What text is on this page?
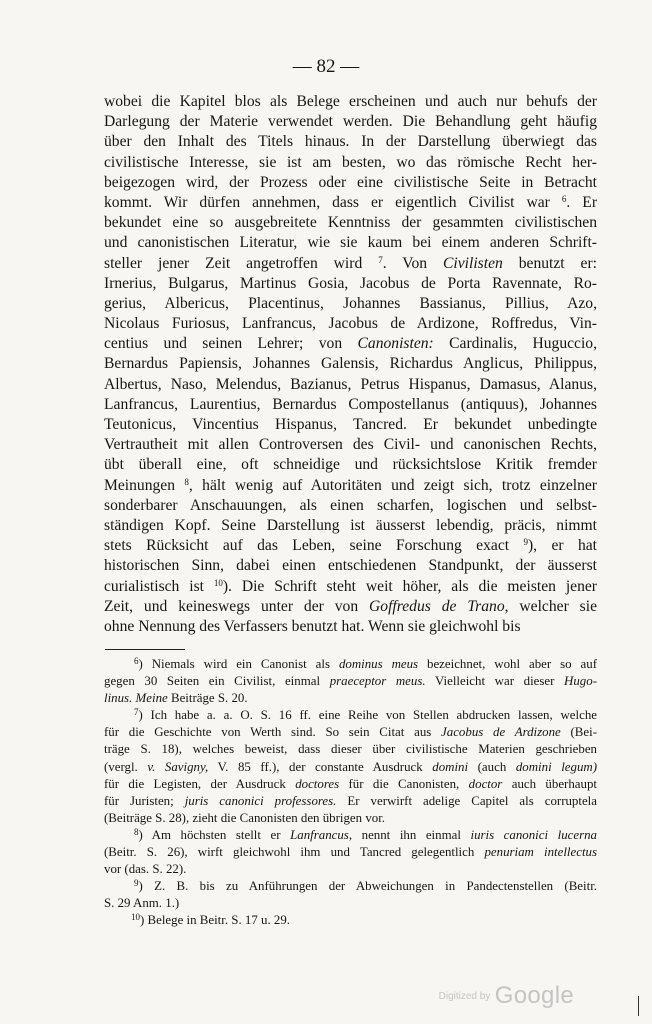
— 82 —
wobei die Kapitel blos als Belege erscheinen und auch nur behufs der
Darlegung der Materie verwendet werden. Die Behandlung geht häufig
über den Inhalt des Titels hinaus. In der Darstellung überwiegt das
civilistische Interesse, sie ist am besten, wo das römische Recht her-
beigezogen wird, der Prozess oder eine civilistische Seite in Betracht
kommt. Wir dürfen annehmen, dass er eigentlich Civilist war $^6$. Er
bekundet eine so ausgebreitete Kenntniss der gesammten civilistischen
und canonistischen Literatur, wie sie kaum bei einem anderen Schrift-
steller jener Zeit angetroffen wird $^7$. Von Civilisten benutzt er:
Irnerius, Bulgarus, Martinus Gosia, Jacobus de Porta Ravennate, Ro-
gerius, Albericus, Placentinus, Johannes Bassianus, Pillius, Azo,
Nicolaus Furiosus, Lanfrancus, Jacobus de Ardizone, Roffredus, Vin-
centius und seinen Lehrer; von Canonisten: Cardinalis, Huguccio,
Bernardus Papiensis, Johannes Galensis, Richardus Anglicus, Philippus,
Albertus, Naso, Melendus, Bazianus, Petrus Hispanus, Damasus, Alanus,
Lanfrancus, Laurentius, Bernardus Compostellanus (antiquus), Johannes
Teutonicus, Vincentius Hispanus, Tancred. Er bekundet unbedingte
Vertrautheit mit allen Controversen des Civil- und canonischen Rechts,
übt überall eine, oft schneidige und rücksichtslose Kritik fremder
Meinungen $^8$, hält wenig auf Autoritäten und zeigt sich, trotz einzelner
sonderbarer Anschauungen, als einen scharfen, logischen und selbst-
ständigen Kopf. Seine Darstellung ist äusserst lebendig, präcis, nimmt
stets Rücksicht auf das Leben, seine Forschung exact $^9$), er hat
historischen Sinn, dabei einen entschiedenen Standpunkt, der äusserst
curialistisch ist $^{10}$). Die Schrift steht weit höher, als die meisten jener
Zeit, und keineswegs unter der von Goffredus de Trano, welcher sie
ohne Nennung des Verfassers benutzt hat. Wenn sie gleichwohl bis
$^6$) Niemals wird ein Canonist als dominus meus bezeichnet, wohl aber so auf
gegen 30 Seiten ein Civilist, einmal praeceptor meus. Vielleicht war dieser Hugo-
linus. Meine Beiträge S. 20.
$^7$) Ich habe a. a. O. S. 16 ff. eine Reihe von Stellen abdrucken lassen, welche
für die Geschichte von Werth sind. So sein Citat aus Jacobus de Ardizone (Bei-
träge S. 18), welches beweist, dass dieser über civilistische Materien geschrieben
(vergl. v. Savigny, V. 85 ff.), der constante Ausdruck domini (auch domini legum)
für die Legisten, der Ausdruck doctores für die Canonisten, doctor auch überhaupt
für Juristen; juris canonici professores. Er verwirft adelige Capitel als corruptela
(Beiträge S. 28), zieht die Canonisten den übrigen vor.
$^8$) Am höchsten stellt er Lanfrancus, nennt ihn einmal iuris canonici lucerna
(Beitr. S. 26), wirft gleichwohl ihm und Tancred gelegentlich penuriam intellectus
vor (das. S. 22).
$^9$) Z. B. bis zu Anführungen der Abweichungen in Pandectenstellen (Beitr.
S. 29 Anm. 1.)
$^{10}$) Belege in Beitr. S. 17 u. 29.
$^{Digitized by}$ Google
